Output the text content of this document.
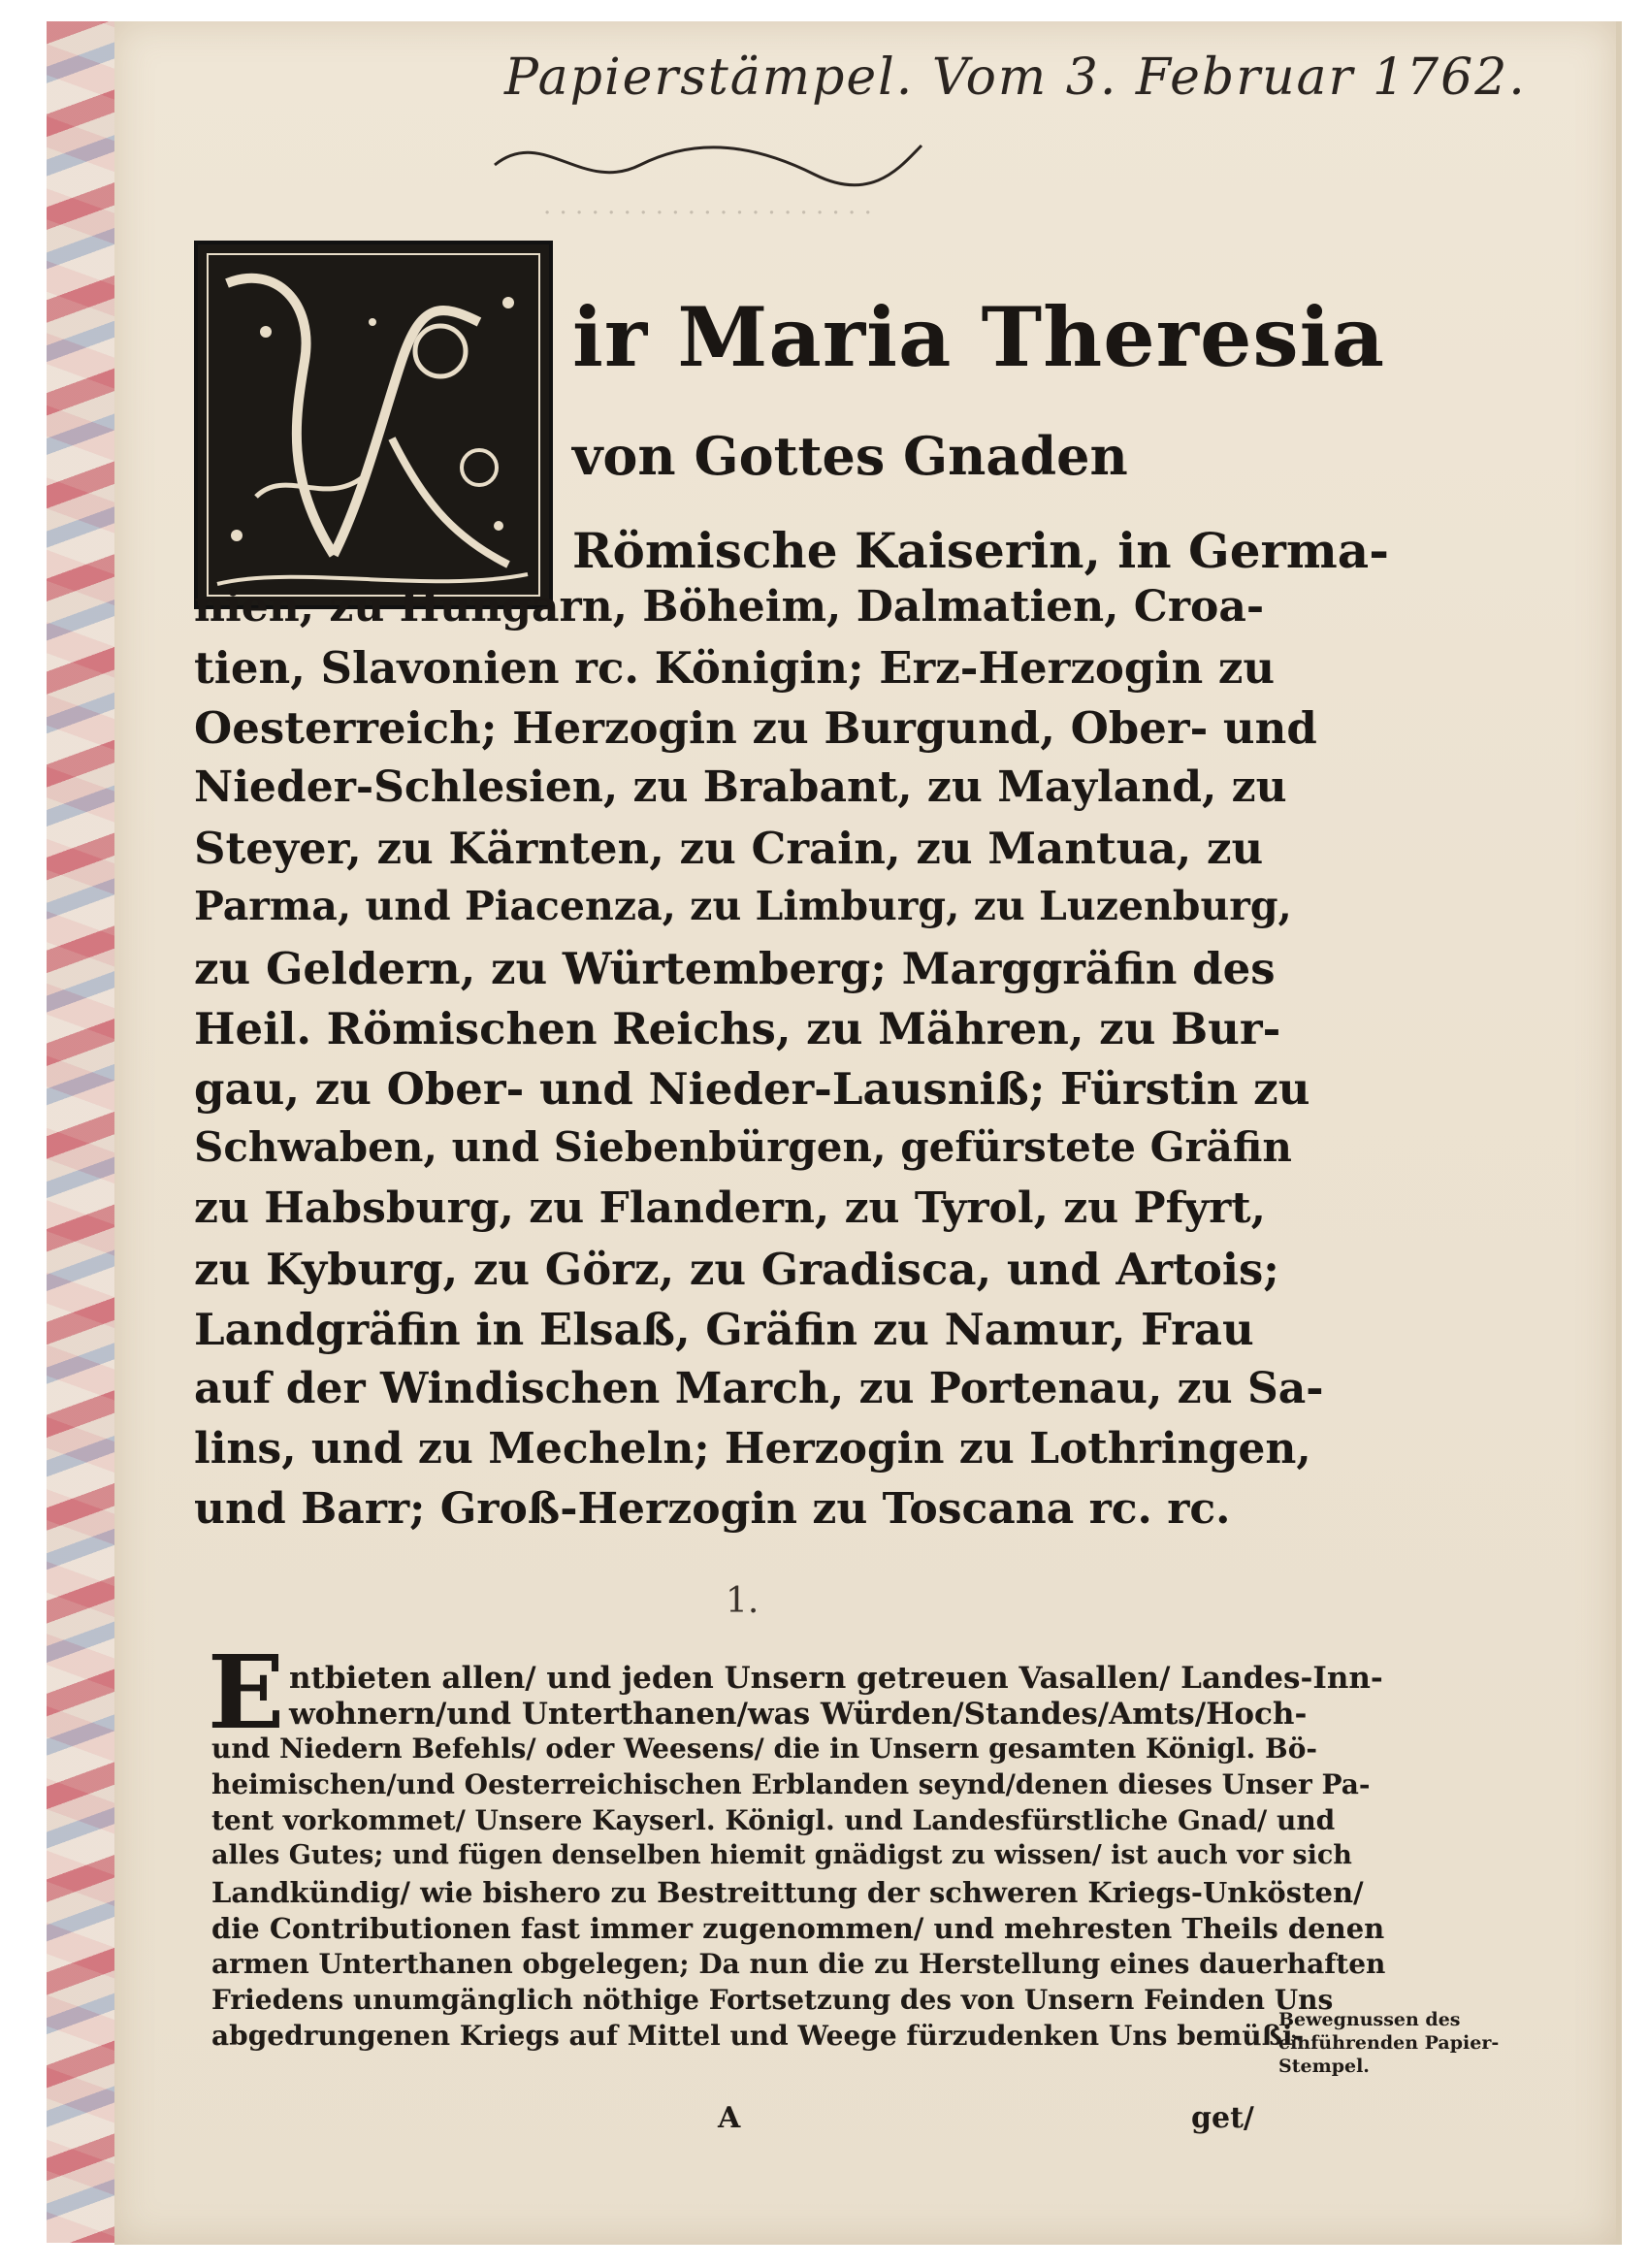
· · · · · · · · · · · · · · · · · · · · ·
Papierstämpel. Vom 3. Februar 1762.
ir Maria Theresia
von Gottes Gnaden
Römische Kaiserin, in Germa-
nien, zu Hungarn, Böheim, Dalmatien, Croa-
tien, Slavonien rc. Königin; Erz-Herzogin zu
Oesterreich; Herzogin zu Burgund, Ober- und
Nieder-Schlesien, zu Brabant, zu Mayland, zu
Steyer, zu Kärnten, zu Crain, zu Mantua, zu
Parma, und Piacenza, zu Limburg, zu Luzenburg,
zu Geldern, zu Würtemberg; Marggräfin des
Heil. Römischen Reichs, zu Mähren, zu Bur-
gau, zu Ober- und Nieder-Lausniß; Fürstin zu
Schwaben, und Siebenbürgen, gefürstete Gräfin
zu Habsburg, zu Flandern, zu Tyrol, zu Pfyrt,
zu Kyburg, zu Görz, zu Gradisca, und Artois;
Landgräfin in Elsaß, Gräfin zu Namur, Frau
auf der Windischen March, zu Portenau, zu Sa-
lins, und zu Mecheln; Herzogin zu Lothringen,
und Barr; Groß-Herzogin zu Toscana rc. rc.
1.
E ntbieten allen/ und jeden Unsern getreuen Vasallen/ Landes-Inn-
wohnern/und Unterthanen/was Würden/Standes/Amts/Hoch-
und Niedern Befehls/ oder Weesens/ die in Unsern gesamten Königl. Bö-
heimischen/und Oesterreichischen Erblanden seynd/denen dieses Unser Pa-
tent vorkommet/ Unsere Kayserl. Königl. und Landesfürstliche Gnad/ und
alles Gutes; und fügen denselben hiemit gnädigst zu wissen/ ist auch vor sich
Landkündig/ wie bishero zu Bestreittung der schweren Kriegs-Unkösten/
die Contributionen fast immer zugenommen/ und mehresten Theils denen
armen Unterthanen obgelegen; Da nun die zu Herstellung eines dauerhaften
Friedens unumgänglich nöthige Fortsetzung des von Unsern Feinden Uns
abgedrungenen Kriegs auf Mittel und Weege fürzudenken Uns bemüßi-
Bewegnussen des einführenden Papier-Stempel.
A	get/
